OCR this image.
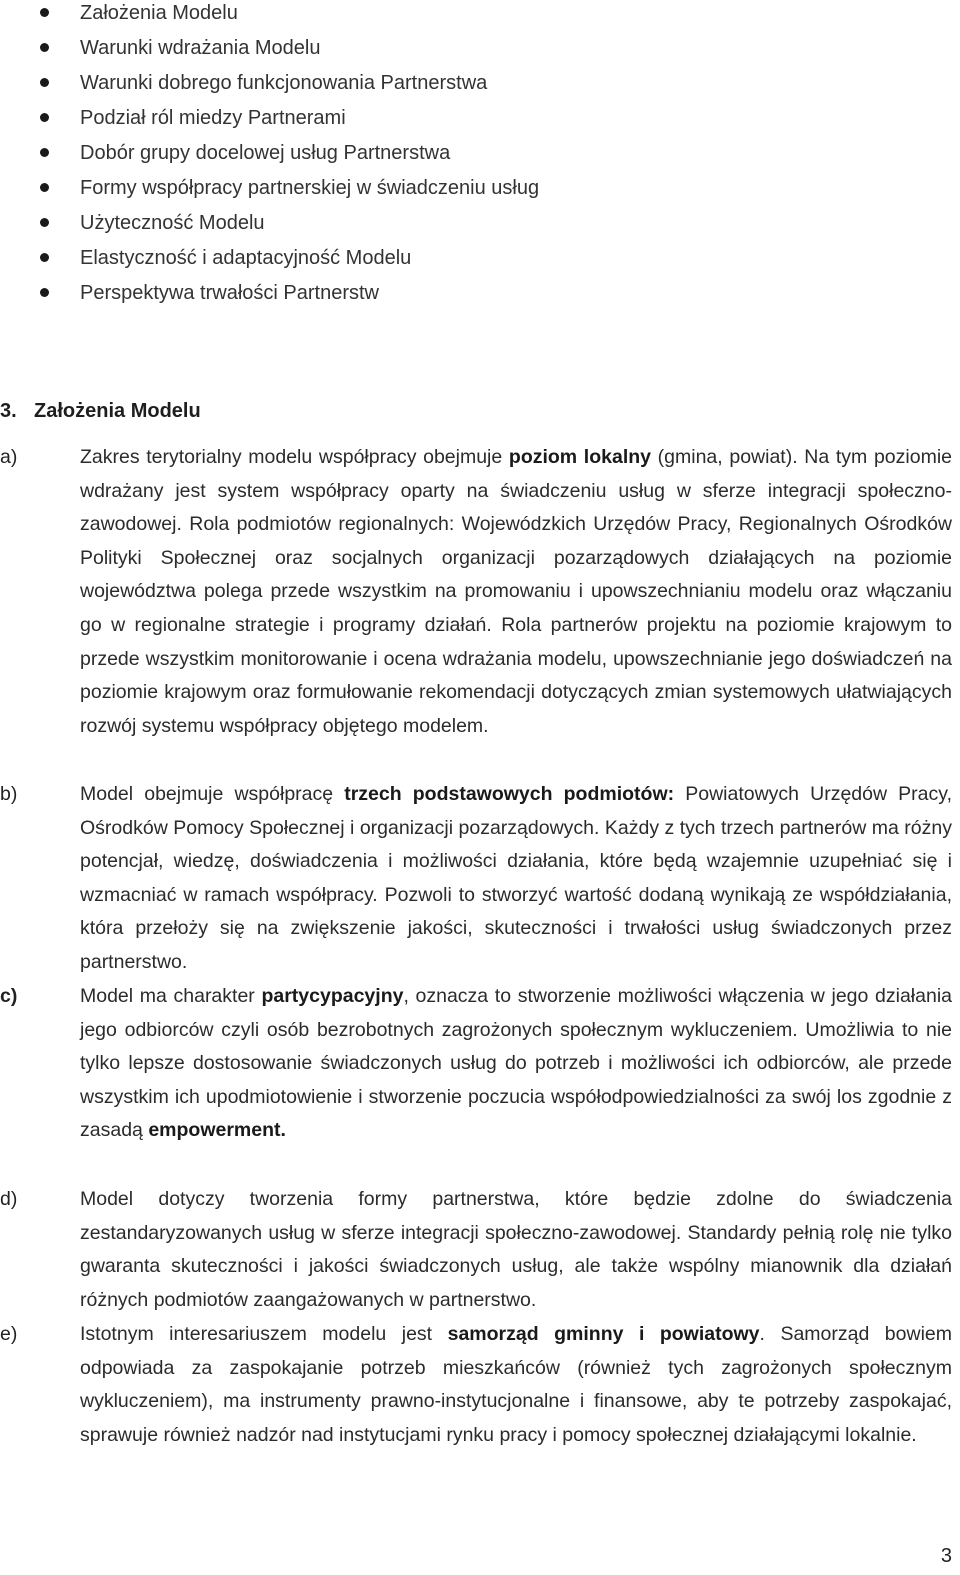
Założenia Modelu
Warunki wdrażania Modelu
Warunki dobrego funkcjonowania Partnerstwa
Podział ról miedzy Partnerami
Dobór grupy docelowej usług Partnerstwa
Formy współpracy partnerskiej w świadczeniu usług
Użyteczność Modelu
Elastyczność i adaptacyjność Modelu
Perspektywa trwałości Partnerstw
3. Założenia Modelu
a)	Zakres terytorialny modelu współpracy obejmuje poziom lokalny (gmina, powiat). Na tym poziomie wdrażany jest system współpracy oparty na świadczeniu usług w sferze integracji społeczno-zawodowej. Rola podmiotów regionalnych: Wojewódzkich Urzędów Pracy, Regionalnych Ośrodków Polityki Społecznej oraz socjalnych organizacji pozarządowych działających na poziomie województwa polega przede wszystkim na promowaniu i upowszechnianiu modelu oraz włączaniu go w regionalne strategie i programy działań. Rola partnerów projektu na poziomie krajowym to przede wszystkim monitorowanie i ocena wdrażania modelu, upowszechnianie jego doświadczeń na poziomie krajowym oraz formułowanie rekomendacji dotyczących zmian systemowych ułatwiających rozwój systemu współpracy objętego modelem.
b)	Model obejmuje współpracę trzech podstawowych podmiotów: Powiatowych Urzędów Pracy, Ośrodków Pomocy Społecznej i organizacji pozarządowych. Każdy z tych trzech partnerów ma różny potencjał, wiedzę, doświadczenia i możliwości działania, które będą wzajemnie uzupełniać się i wzmacniać w ramach współpracy. Pozwoli to stworzyć wartość dodaną wynikają ze współdziałania, która przełoży się na zwiększenie jakości, skuteczności i trwałości usług świadczonych przez partnerstwo.
c)	Model ma charakter partycypacyjny, oznacza to stworzenie możliwości włączenia w jego działania jego odbiorców czyli osób bezrobotnych zagrożonych społecznym wykluczeniem. Umożliwia to nie tylko lepsze dostosowanie świadczonych usług do potrzeb i możliwości ich odbiorców, ale przede wszystkim ich upodmiotowienie i stworzenie poczucia współodpowiedzialności za swój los zgodnie z zasadą empowerment.
d)	Model dotyczy tworzenia formy partnerstwa, które będzie zdolne do świadczenia zestandaryzowanych usług w sferze integracji społeczno-zawodowej. Standardy pełnią rolę nie tylko gwaranta skuteczności i jakości świadczonych usług, ale także wspólny mianownik dla działań różnych podmiotów zaangażowanych w partnerstwo.
e)	Istotnym interesariuszem modelu jest samorząd gminny i powiatowy. Samorząd bowiem odpowiada za zaspokajanie potrzeb mieszkańców (również tych zagrożonych społecznym wykluczeniem), ma instrumenty prawno-instytucjonalne i finansowe, aby te potrzeby zaspokajać, sprawuje również nadzór nad instytucjami rynku pracy i pomocy społecznej działającymi lokalnie.
3
